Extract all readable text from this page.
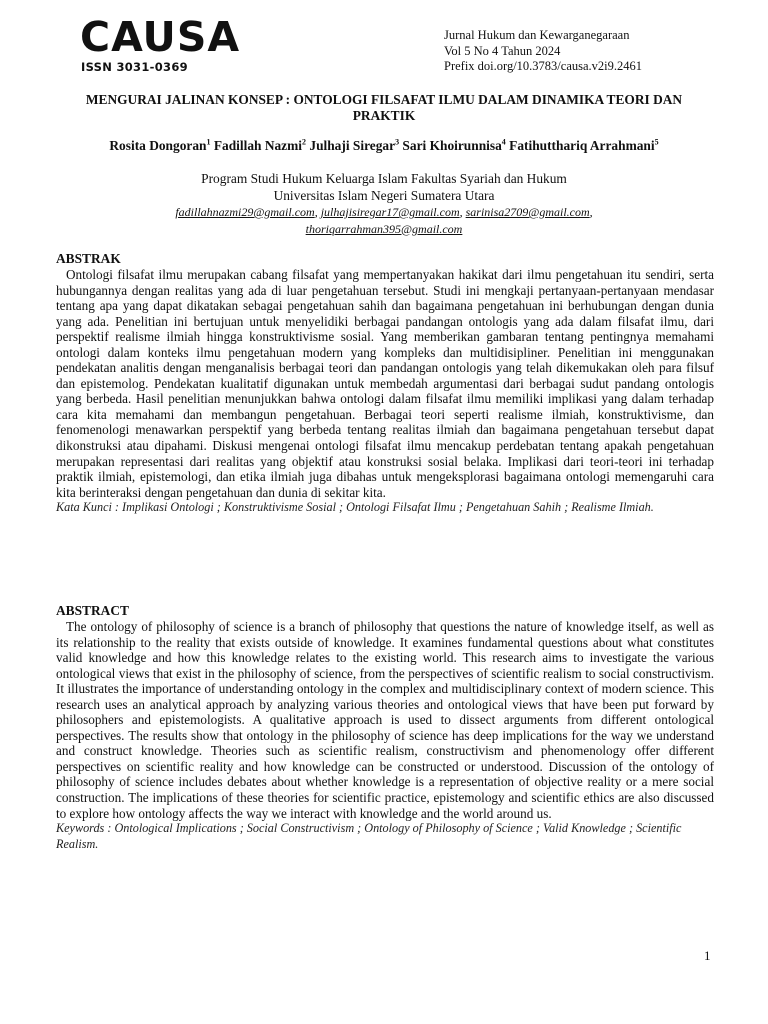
CAUSA
ISSN 3031-0369
Jurnal Hukum dan Kewarganegaraan
Vol 5 No 4 Tahun 2024
Prefix doi.org/10.3783/causa.v2i9.2461
MENGURAI JALINAN KONSEP : ONTOLOGI FILSAFAT ILMU DALAM DINAMIKA TEORI DAN PRAKTIK
Rosita Dongoran$^1$ Fadillah Nazmi$^2$ Julhaji Siregar$^3$ Sari Khoirunnisa$^4$ Fatihutthariq Arrahmani$^5$
Program Studi Hukum Keluarga Islam Fakultas Syariah dan Hukum
Universitas Islam Negeri Sumatera Utara
fadillahnazmi29@gmail.com, julhajisiregar17@gmail.com, sarinisa2709@gmail.com,
thoriqarrahman395@gmail.com
ABSTRAK

Ontologi filsafat ilmu merupakan cabang filsafat yang mempertanyakan hakikat dari ilmu pengetahuan itu sendiri, serta hubungannya dengan realitas yang ada di luar pengetahuan tersebut. Studi ini mengkaji pertanyaan-pertanyaan mendasar tentang apa yang dapat dikatakan sebagai pengetahuan sahih dan bagaimana pengetahuan ini berhubungan dengan dunia yang ada. Penelitian ini bertujuan untuk menyelidiki berbagai pandangan ontologis yang ada dalam filsafat ilmu, dari perspektif realisme ilmiah hingga konstruktivisme sosial. Yang memberikan gambaran tentang pentingnya memahami ontologi dalam konteks ilmu pengetahuan modern yang kompleks dan multidisipliner. Penelitian ini menggunakan pendekatan analitis dengan menganalisis berbagai teori dan pandangan ontologis yang telah dikemukakan oleh para filsuf dan epistemolog. Pendekatan kualitatif digunakan untuk membedah argumentasi dari berbagai sudut pandang ontologis yang berbeda. Hasil penelitian menunjukkan bahwa ontologi dalam filsafat ilmu memiliki implikasi yang dalam terhadap cara kita memahami dan membangun pengetahuan. Berbagai teori seperti realisme ilmiah, konstruktivisme, dan fenomenologi menawarkan perspektif yang berbeda tentang realitas ilmiah dan bagaimana pengetahuan tersebut dapat dikonstruksi atau dipahami. Diskusi mengenai ontologi filsafat ilmu mencakup perdebatan tentang apakah pengetahuan merupakan representasi dari realitas yang objektif atau konstruksi sosial belaka. Implikasi dari teori-teori ini terhadap praktik ilmiah, epistemologi, dan etika ilmiah juga dibahas untuk mengeksplorasi bagaimana ontologi memengaruhi cara kita berinteraksi dengan pengetahuan dan dunia di sekitar kita.

Kata Kunci : Implikasi Ontologi ; Konstruktivisme Sosial ; Ontologi Filsafat Ilmu ; Pengetahuan Sahih ; Realisme Ilmiah.

ABSTRACT

The ontology of philosophy of science is a branch of philosophy that questions the nature of knowledge itself, as well as its relationship to the reality that exists outside of knowledge. It examines fundamental questions about what constitutes valid knowledge and how this knowledge relates to the existing world. This research aims to investigate the various ontological views that exist in the philosophy of science, from the perspectives of scientific realism to social constructivism. It illustrates the importance of understanding ontology in the complex and multidisciplinary context of modern science. This research uses an analytical approach by analyzing various theories and ontological views that have been put forward by philosophers and epistemologists. A qualitative approach is used to dissect arguments from different ontological perspectives. The results show that ontology in the philosophy of science has deep implications for the way we understand and construct knowledge. Theories such as scientific realism, constructivism and phenomenology offer different perspectives on scientific reality and how knowledge can be constructed or understood. Discussion of the ontology of philosophy of science includes debates about whether knowledge is a representation of objective reality or a mere social construction. The implications of these theories for scientific practice, epistemology and scientific ethics are also discussed to explore how ontology affects the way we interact with knowledge and the world around us.

Keywords : Ontological Implications ; Social Constructivism ; Ontology of Philosophy of Science ; Valid Knowledge ; Scientific Realism.

1
